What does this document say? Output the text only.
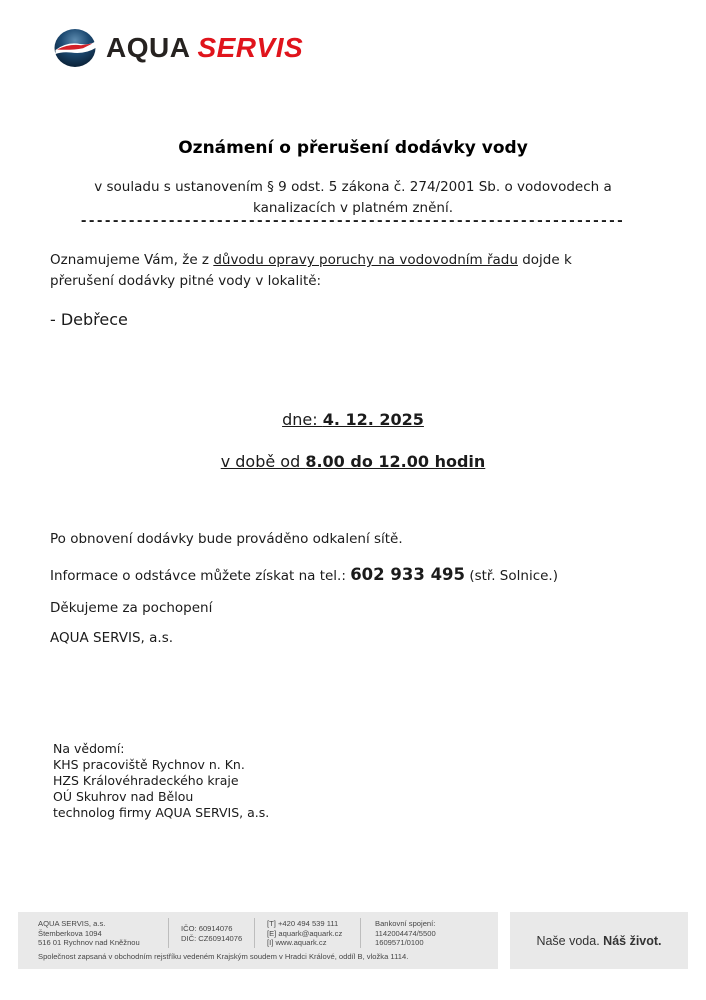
AQUA SERVIS
Oznámení o přerušení dodávky vody

v souladu s ustanovením § 9 odst. 5 zákona č. 274/2001 Sb. o vodovodech a
kanalizacích v platném znění.

--------------------------------------------------------------------

Oznamujeme Vám, že z důvodu opravy poruchy na vodovodním řadu dojde k přerušení dodávky pitné vody v lokalitě:

- Debřece
dne: 4. 12. 2025
v době od 8.00 do 12.00 hodin
Po obnovení dodávky bude prováděno odkalení sítě.
Informace o odstávce můžete získat na tel.: 602 933 495 (stř. Solnice.)
Děkujeme za pochopení
AQUA SERVIS, a.s.
Na vědomí:
KHS pracoviště Rychnov n. Kn.
HZS Královéhradeckého kraje
OÚ Skuhrov nad Bělou
technolog firmy AQUA SERVIS, a.s.
AQUA SERVIS, a.s.
Štemberkova 1094
516 01 Rychnov nad Kněžnou
IČO: 60914076
DIČ: CZ60914076
[T] +420 494 539 111
[E] aquark@aquark.cz
[I] www.aquark.cz
Bankovní spojení:
1142004474/5500
1609571/0100
Společnost zapsaná v obchodním rejstříku vedeném Krajským soudem v Hradci Králové, oddíl B, vložka 1114.
Naše voda. Náš život.
